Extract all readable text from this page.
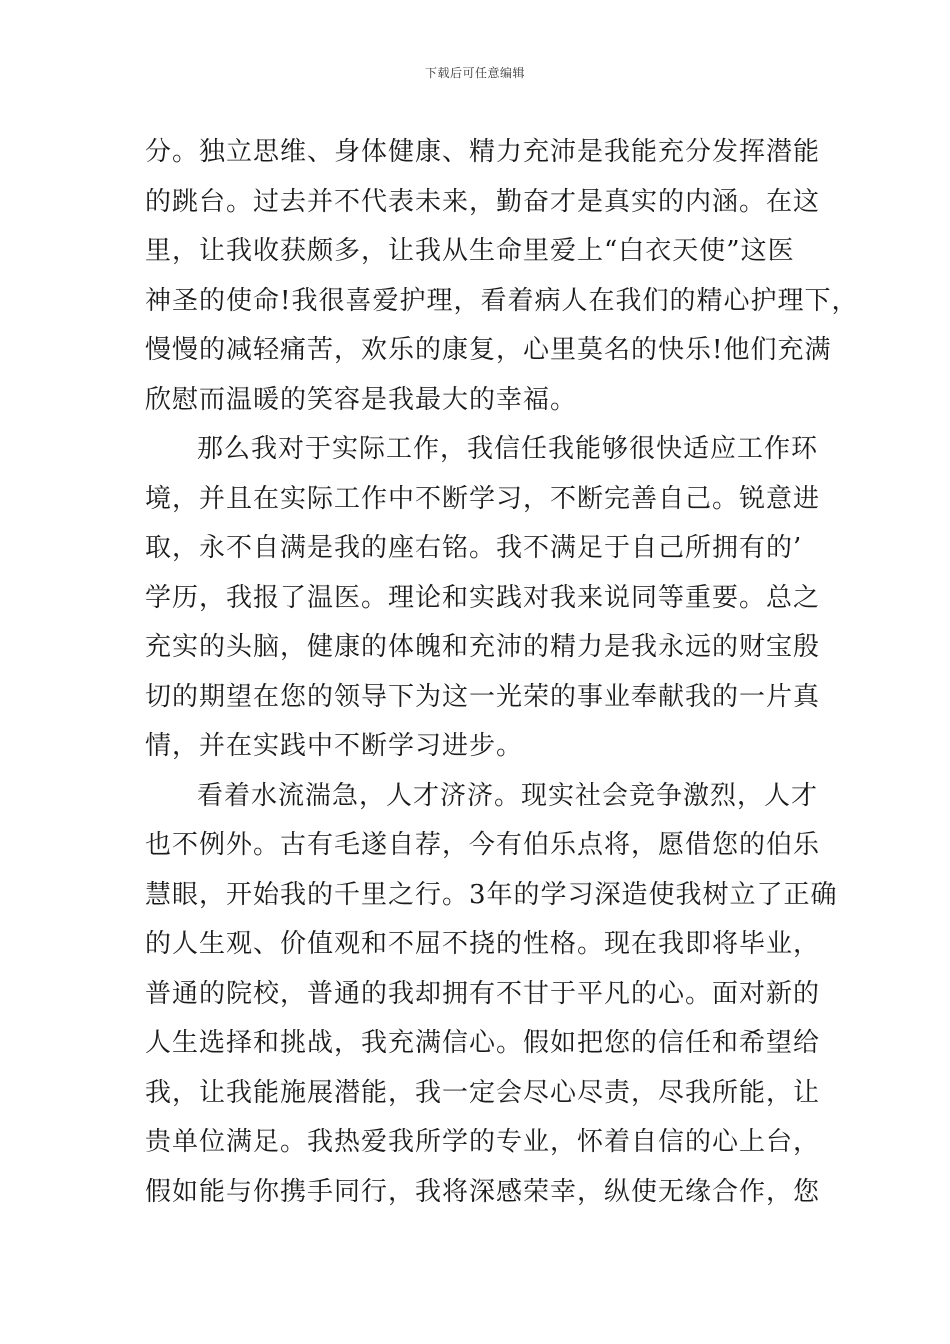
下载后可任意编辑
分。独立思维、身体健康、精力充沛是我能充分发挥潜能
的跳台。过去并不代表未来，勤奋才是真实的内涵。在这
里，让我收获颇多，让我从生命里爱上“白衣天使”这医
神圣的使命!我很喜爱护理，看着病人在我们的精心护理下，
慢慢的减轻痛苦，欢乐的康复，心里莫名的快乐!他们充满
欣慰而温暖的笑容是我最大的幸福。
那么我对于实际工作，我信任我能够很快适应工作环
境，并且在实际工作中不断学习，不断完善自己。锐意进
取，永不自满是我的座右铭。我不满足于自己所拥有的’
学历，我报了温医。理论和实践对我来说同等重要。总之
充实的头脑，健康的体魄和充沛的精力是我永远的财宝殷
切的期望在您的领导下为这一光荣的事业奉献我的一片真
情，并在实践中不断学习进步。
看着水流湍急，人才济济。现实社会竞争激烈，人才
也不例外。古有毛遂自荐，今有伯乐点将，愿借您的伯乐
慧眼，开始我的千里之行。3年的学习深造使我树立了正确
的人生观、价值观和不屈不挠的性格。现在我即将毕业，
普通的院校，普通的我却拥有不甘于平凡的心。面对新的
人生选择和挑战，我充满信心。假如把您的信任和希望给
我，让我能施展潜能，我一定会尽心尽责，尽我所能，让
贵单位满足。我热爱我所学的专业，怀着自信的心上台，
假如能与你携手同行，我将深感荣幸，纵使无缘合作，您
